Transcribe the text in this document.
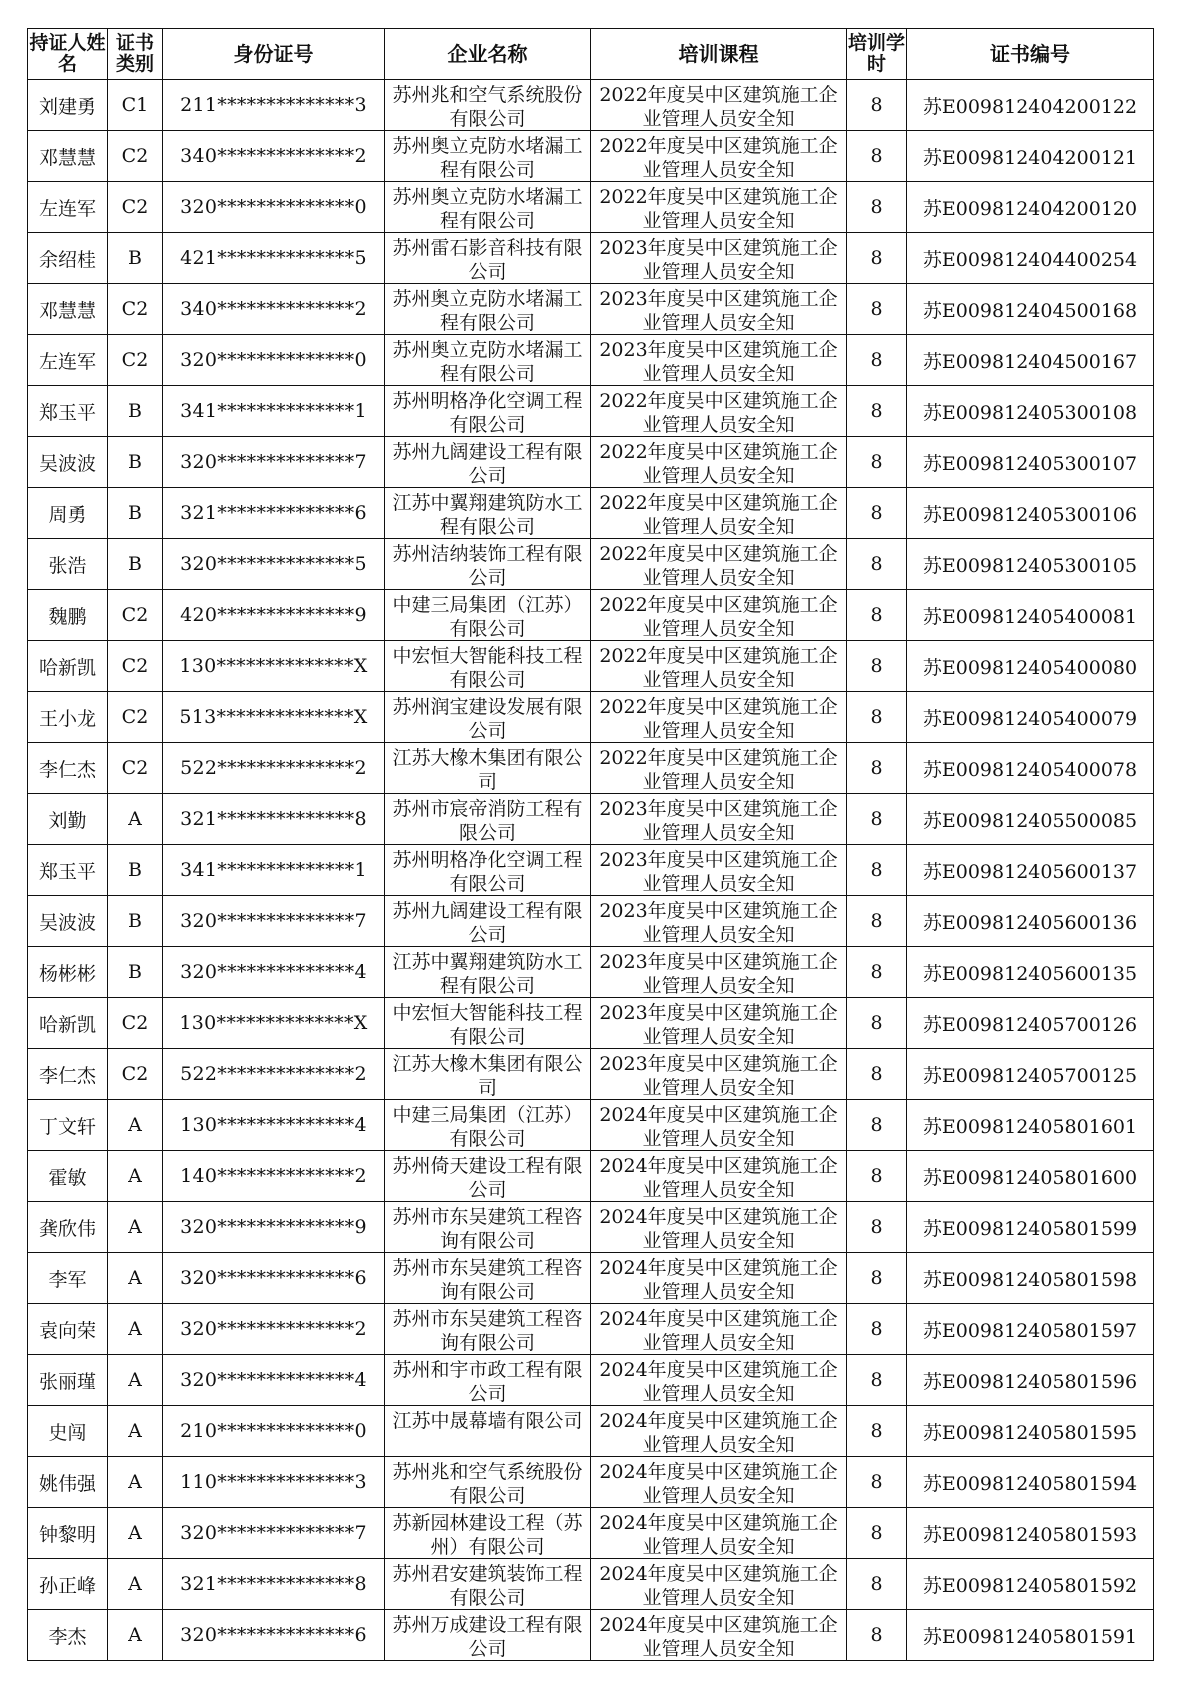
持证人姓名	证书类别	身份证号	企业名称	培训课程	培训学时	证书编号
刘建勇	C1	211**************3	苏州兆和空气系统股份有限公司	2022年度吴中区建筑施工企业管理人员安全知	8	苏E009812404200122
邓慧慧	C2	340**************2	苏州奥立克防水堵漏工程有限公司	2022年度吴中区建筑施工企业管理人员安全知	8	苏E009812404200121
左连军	C2	320**************0	苏州奥立克防水堵漏工程有限公司	2022年度吴中区建筑施工企业管理人员安全知	8	苏E009812404200120
余绍桂	B	421**************5	苏州雷石影音科技有限公司	2023年度吴中区建筑施工企业管理人员安全知	8	苏E009812404400254
邓慧慧	C2	340**************2	苏州奥立克防水堵漏工程有限公司	2023年度吴中区建筑施工企业管理人员安全知	8	苏E009812404500168
左连军	C2	320**************0	苏州奥立克防水堵漏工程有限公司	2023年度吴中区建筑施工企业管理人员安全知	8	苏E009812404500167
郑玉平	B	341**************1	苏州明格净化空调工程有限公司	2022年度吴中区建筑施工企业管理人员安全知	8	苏E009812405300108
吴波波	B	320**************7	苏州九阔建设工程有限公司	2022年度吴中区建筑施工企业管理人员安全知	8	苏E009812405300107
周勇	B	321**************6	江苏中翼翔建筑防水工程有限公司	2022年度吴中区建筑施工企业管理人员安全知	8	苏E009812405300106
张浩	B	320**************5	苏州洁纳装饰工程有限公司	2022年度吴中区建筑施工企业管理人员安全知	8	苏E009812405300105
魏鹏	C2	420**************9	中建三局集团（江苏）有限公司	2022年度吴中区建筑施工企业管理人员安全知	8	苏E009812405400081
哈新凯	C2	130**************X	中宏恒大智能科技工程有限公司	2022年度吴中区建筑施工企业管理人员安全知	8	苏E009812405400080
王小龙	C2	513**************X	苏州润宝建设发展有限公司	2022年度吴中区建筑施工企业管理人员安全知	8	苏E009812405400079
李仁杰	C2	522**************2	江苏大橡木集团有限公司	2022年度吴中区建筑施工企业管理人员安全知	8	苏E009812405400078
刘勤	A	321**************8	苏州市宸帝消防工程有限公司	2023年度吴中区建筑施工企业管理人员安全知	8	苏E009812405500085
郑玉平	B	341**************1	苏州明格净化空调工程有限公司	2023年度吴中区建筑施工企业管理人员安全知	8	苏E009812405600137
吴波波	B	320**************7	苏州九阔建设工程有限公司	2023年度吴中区建筑施工企业管理人员安全知	8	苏E009812405600136
杨彬彬	B	320**************4	江苏中翼翔建筑防水工程有限公司	2023年度吴中区建筑施工企业管理人员安全知	8	苏E009812405600135
哈新凯	C2	130**************X	中宏恒大智能科技工程有限公司	2023年度吴中区建筑施工企业管理人员安全知	8	苏E009812405700126
李仁杰	C2	522**************2	江苏大橡木集团有限公司	2023年度吴中区建筑施工企业管理人员安全知	8	苏E009812405700125
丁文轩	A	130**************4	中建三局集团（江苏）有限公司	2024年度吴中区建筑施工企业管理人员安全知	8	苏E009812405801601
霍敏	A	140**************2	苏州倚天建设工程有限公司	2024年度吴中区建筑施工企业管理人员安全知	8	苏E009812405801600
龚欣伟	A	320**************9	苏州市东吴建筑工程咨询有限公司	2024年度吴中区建筑施工企业管理人员安全知	8	苏E009812405801599
李军	A	320**************6	苏州市东吴建筑工程咨询有限公司	2024年度吴中区建筑施工企业管理人员安全知	8	苏E009812405801598
袁向荣	A	320**************2	苏州市东吴建筑工程咨询有限公司	2024年度吴中区建筑施工企业管理人员安全知	8	苏E009812405801597
张丽瑾	A	320**************4	苏州和宇市政工程有限公司	2024年度吴中区建筑施工企业管理人员安全知	8	苏E009812405801596
史闯	A	210**************0	江苏中晟幕墙有限公司	2024年度吴中区建筑施工企业管理人员安全知	8	苏E009812405801595
姚伟强	A	110**************3	苏州兆和空气系统股份有限公司	2024年度吴中区建筑施工企业管理人员安全知	8	苏E009812405801594
钟黎明	A	320**************7	苏新园林建设工程（苏州）有限公司	2024年度吴中区建筑施工企业管理人员安全知	8	苏E009812405801593
孙正峰	A	321**************8	苏州君安建筑装饰工程有限公司	2024年度吴中区建筑施工企业管理人员安全知	8	苏E009812405801592
李杰	A	320**************6	苏州万成建设工程有限公司	2024年度吴中区建筑施工企业管理人员安全知	8	苏E009812405801591
